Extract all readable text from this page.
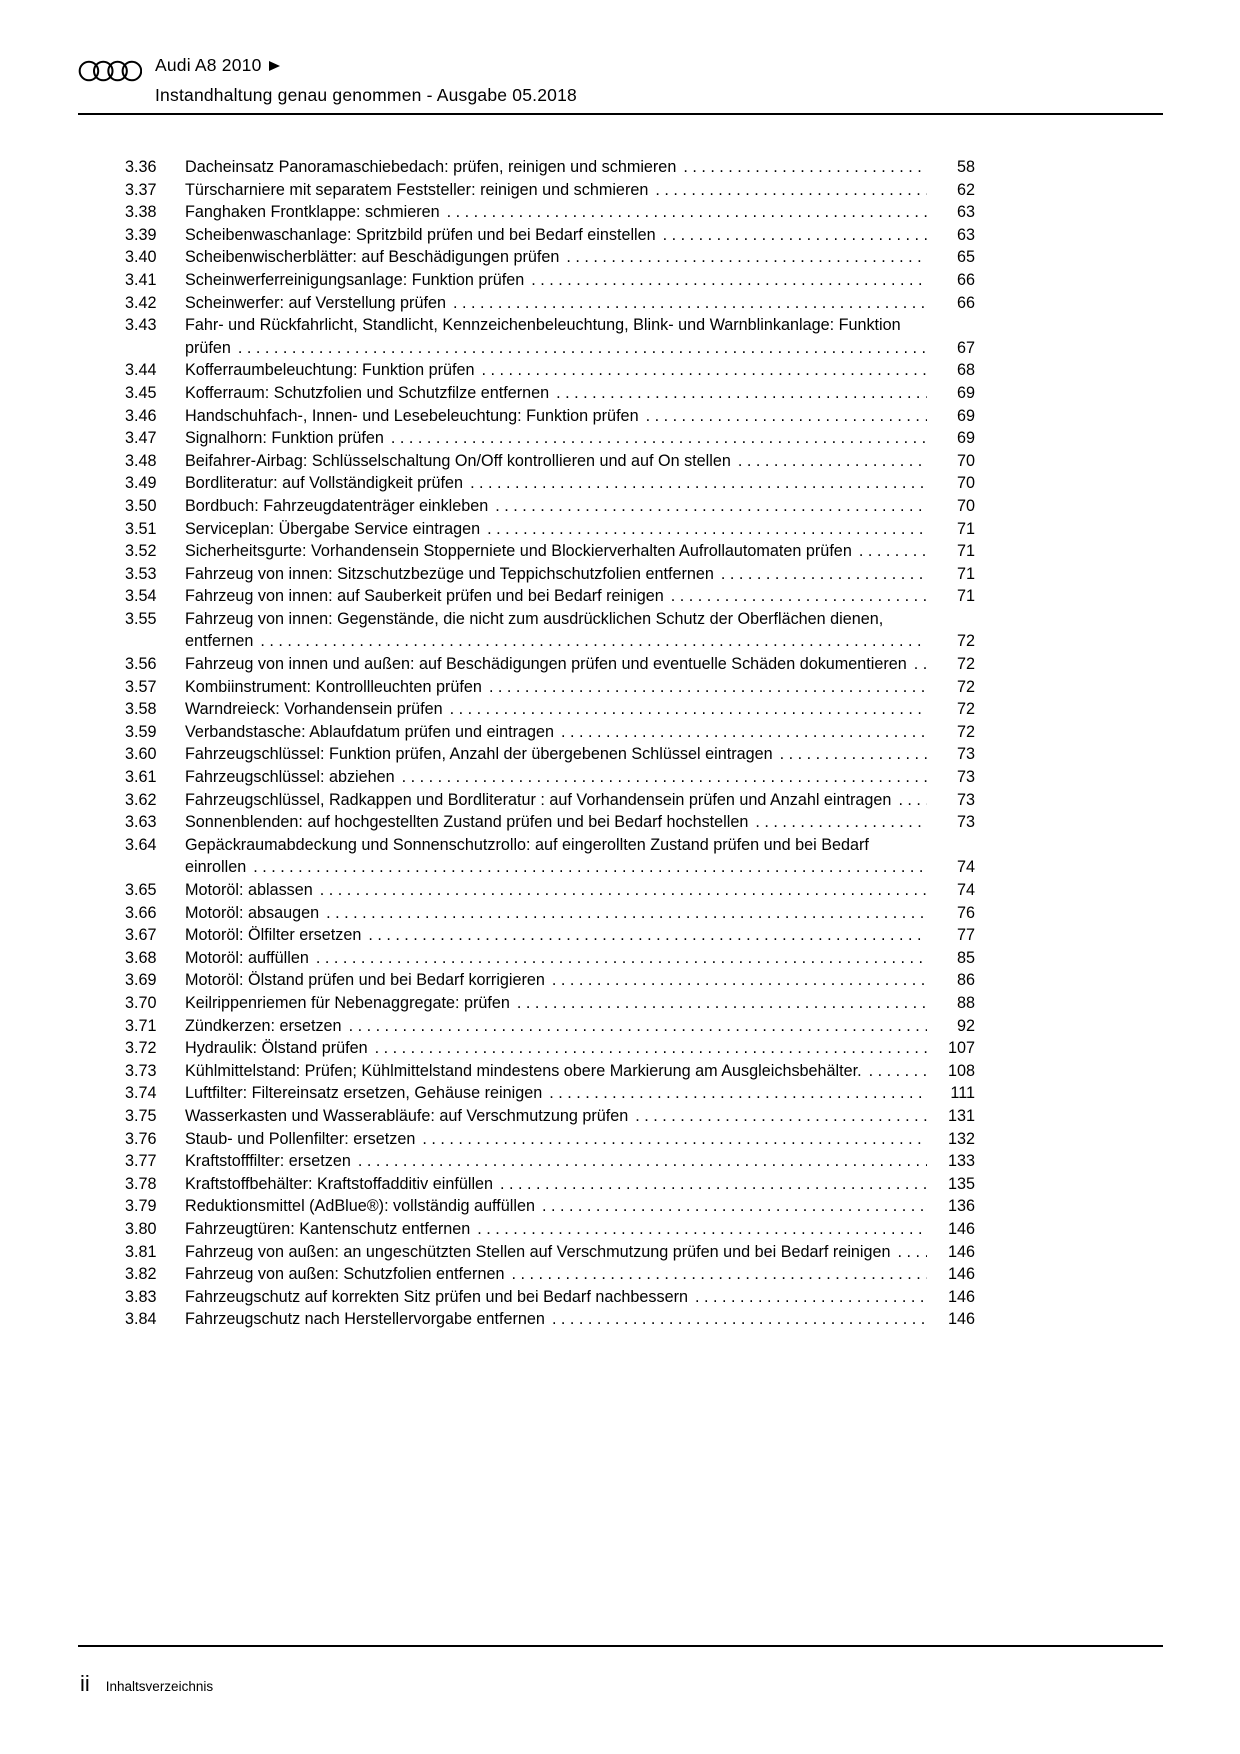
Audi A8 2010
Instandhaltung genau genommen - Ausgabe 05.2018
3.36	Dacheinsatz Panoramaschiebedach: prüfen, reinigen und schmieren . . .	58
3.37	Türscharniere mit separatem Feststeller: reinigen und schmieren . . .	62
3.38	Fanghaken Frontklappe: schmieren . . .	63
3.39	Scheibenwaschanlage: Spritzbild prüfen und bei Bedarf einstellen . . .	63
3.40	Scheibenwischerblätter: auf Beschädigungen prüfen . . .	65
3.41	Scheinwerferreinigungsanlage: Funktion prüfen . . .	66
3.42	Scheinwerfer: auf Verstellung prüfen . . .	66
3.43	Fahr- und Rückfahrlicht, Standlicht, Kennzeichenbeleuchtung, Blink- und Warnblinkanlage: Funktion prüfen . . .	67
3.44	Kofferraumbeleuchtung: Funktion prüfen . . .	68
3.45	Kofferraum: Schutzfolien und Schutzfilze entfernen . . .	69
3.46	Handschuhfach-, Innen- und Lesebeleuchtung: Funktion prüfen . . .	69
3.47	Signalhorn: Funktion prüfen . . .	69
3.48	Beifahrer-Airbag: Schlüsselschaltung On/Off kontrollieren und auf On stellen . . .	70
3.49	Bordliteratur: auf Vollständigkeit prüfen . . .	70
3.50	Bordbuch: Fahrzeugdatenträger einkleben . . .	70
3.51	Serviceplan: Übergabe Service eintragen . . .	71
3.52	Sicherheitsgurte: Vorhandensein Stopperniete und Blockierverhalten Aufrollautomaten prüfen . . .	71
3.53	Fahrzeug von innen: Sitzschutzbezüge und Teppichschutzfolien entfernen . . .	71
3.54	Fahrzeug von innen: auf Sauberkeit prüfen und bei Bedarf reinigen . . .	71
3.55	Fahrzeug von innen: Gegenstände, die nicht zum ausdrücklichen Schutz der Oberflächen dienen, entfernen . . .	72
3.56	Fahrzeug von innen und außen: auf Beschädigungen prüfen und eventuelle Schäden dokumentieren . . .	72
3.57	Kombiinstrument: Kontrollleuchten prüfen . . .	72
3.58	Warndreieck: Vorhandensein prüfen . . .	72
3.59	Verbandstasche: Ablaufdatum prüfen und eintragen . . .	72
3.60	Fahrzeugschlüssel: Funktion prüfen, Anzahl der übergebenen Schlüssel eintragen . . .	73
3.61	Fahrzeugschlüssel: abziehen . . .	73
3.62	Fahrzeugschlüssel, Radkappen und Bordliteratur : auf Vorhandensein prüfen und Anzahl eintragen . . .	73
3.63	Sonnenblenden: auf hochgestellten Zustand prüfen und bei Bedarf hochstellen . . .	73
3.64	Gepäckraumabdeckung und Sonnenschutzrollo: auf eingerollten Zustand prüfen und bei Bedarf einrollen . . .	74
3.65	Motoröl: ablassen . . .	74
3.66	Motoröl: absaugen . . .	76
3.67	Motoröl: Ölfilter ersetzen . . .	77
3.68	Motoröl: auffüllen . . .	85
3.69	Motoröl: Ölstand prüfen und bei Bedarf korrigieren . . .	86
3.70	Keilrippenriemen für Nebenaggregate: prüfen . . .	88
3.71	Zündkerzen: ersetzen . . .	92
3.72	Hydraulik: Ölstand prüfen . . .	107
3.73	Kühlmittelstand: Prüfen; Kühlmittelstand mindestens obere Markierung am Ausgleichsbehälter. . . .	108
3.74	Luftfilter: Filtereinsatz ersetzen, Gehäuse reinigen . . .	111
3.75	Wasserkasten und Wasserabläufe: auf Verschmutzung prüfen . . .	131
3.76	Staub- und Pollenfilter: ersetzen . . .	132
3.77	Kraftstofffilter: ersetzen . . .	133
3.78	Kraftstoffbehälter: Kraftstoffadditiv einfüllen . . .	135
3.79	Reduktionsmittel (AdBlue®): vollständig auffüllen . . .	136
3.80	Fahrzeugtüren: Kantenschutz entfernen . . .	146
3.81	Fahrzeug von außen: an ungeschützten Stellen auf Verschmutzung prüfen und bei Bedarf reinigen . . .	146
3.82	Fahrzeug von außen: Schutzfolien entfernen . . .	146
3.83	Fahrzeugschutz auf korrekten Sitz prüfen und bei Bedarf nachbessern . . .	146
3.84	Fahrzeugschutz nach Herstellervorgabe entfernen . . .	146
ii Inhaltsverzeichnis
